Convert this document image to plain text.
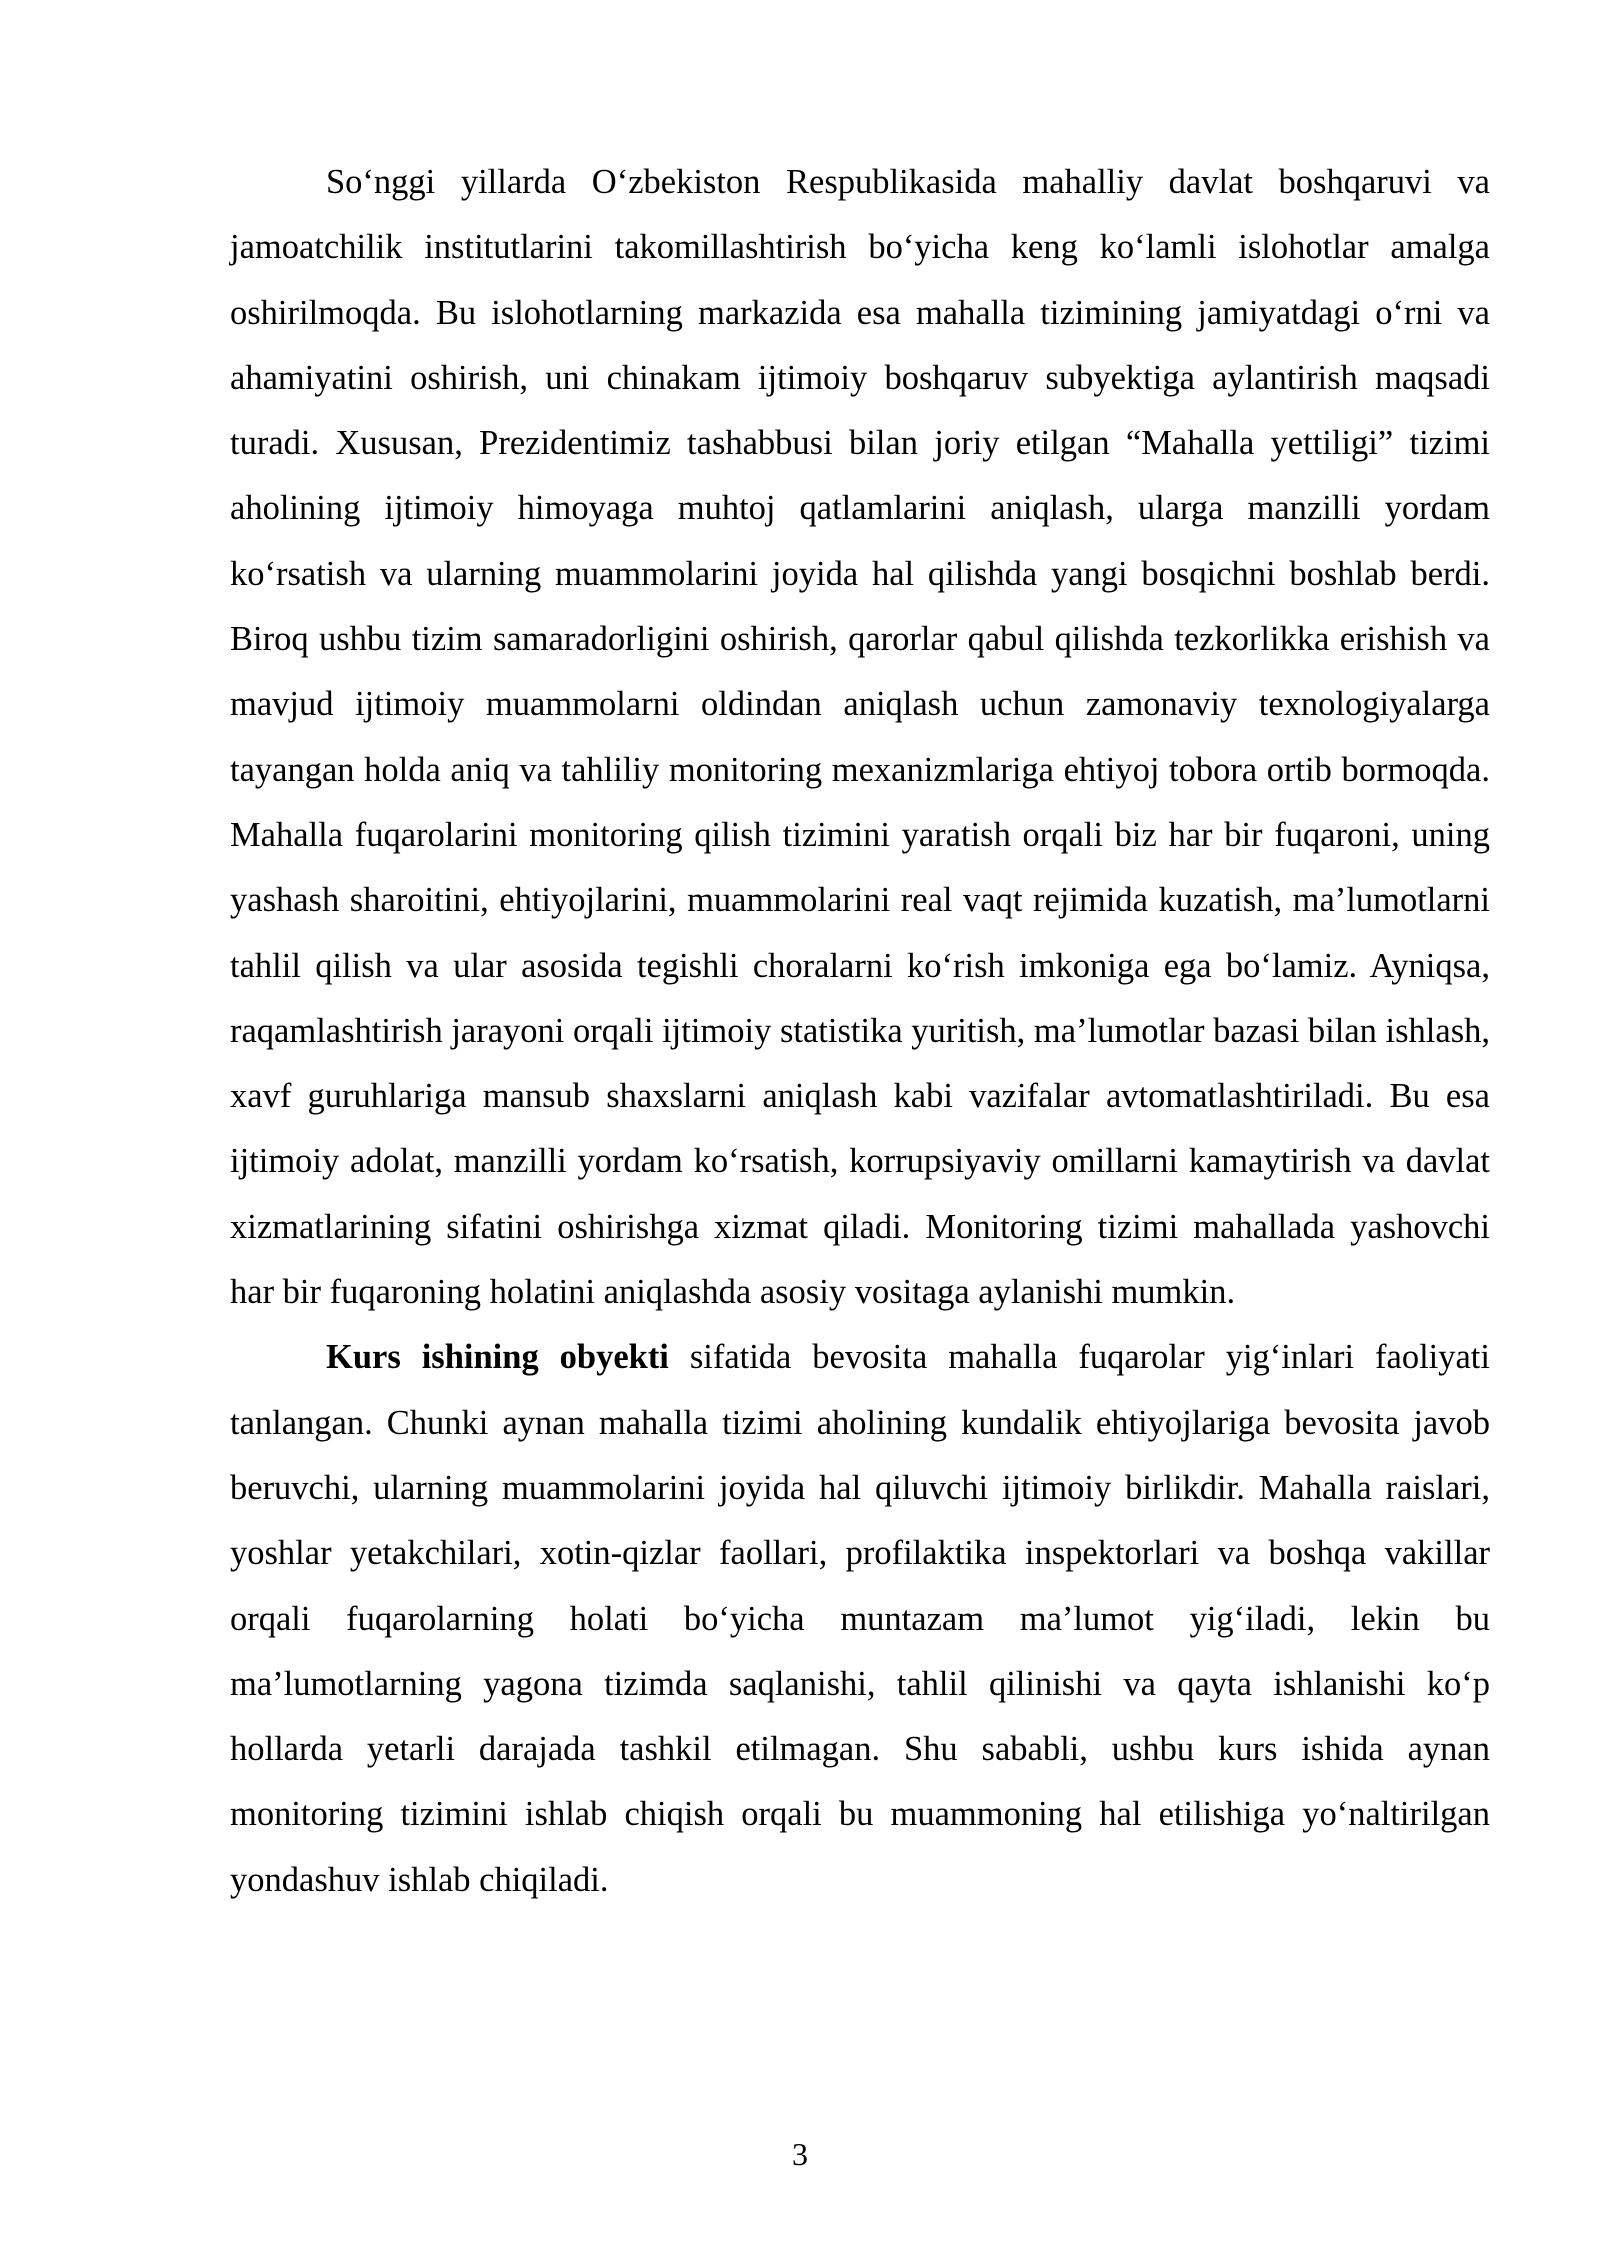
So‘nggi yillarda O‘zbekiston Respublikasida mahalliy davlat boshqaruvi va jamoatchilik institutlarini takomillashtirish bo‘yicha keng ko‘lamli islohotlar amalga oshirilmoqda. Bu islohotlarning markazida esa mahalla tizimining jamiyatdagi o‘rni va ahamiyatini oshirish, uni chinakam ijtimoiy boshqaruv subyektiga aylantirish maqsadi turadi. Xususan, Prezidentimiz tashabbusi bilan joriy etilgan “Mahalla yettiligi” tizimi aholining ijtimoiy himoyaga muhtoj qatlamlarini aniqlash, ularga manzilli yordam ko‘rsatish va ularning muammolarini joyida hal qilishda yangi bosqichni boshlab berdi. Biroq ushbu tizim samaradorligini oshirish, qarorlar qabul qilishda tezkorlikka erishish va mavjud ijtimoiy muammolarni oldindan aniqlash uchun zamonaviy texnologiyalarga tayangan holda aniq va tahliliy monitoring mexanizmlariga ehtiyoj tobora ortib bormoqda. Mahalla fuqarolarini monitoring qilish tizimini yaratish orqali biz har bir fuqaroni, uning yashash sharoitini, ehtiyojlarini, muammolarini real vaqt rejimida kuzatish, ma’lumotlarni tahlil qilish va ular asosida tegishli choralarni ko‘rish imkoniga ega bo‘lamiz. Ayniqsa, raqamlashtirish jarayoni orqali ijtimoiy statistika yuritish, ma’lumotlar bazasi bilan ishlash, xavf guruhlariga mansub shaxslarni aniqlash kabi vazifalar avtomatlashtiriladi. Bu esa ijtimoiy adolat, manzilli yordam ko‘rsatish, korrupsiyaviy omillarni kamaytirish va davlat xizmatlarining sifatini oshirishga xizmat qiladi. Monitoring tizimi mahallada yashovchi har bir fuqaroning holatini aniqlashda asosiy vositaga aylanishi mumkin.

Kurs ishining obyekti sifatida bevosita mahalla fuqarolar yig‘inlari faoliyati tanlangan. Chunki aynan mahalla tizimi aholining kundalik ehtiyojlariga bevosita javob beruvchi, ularning muammolarini joyida hal qiluvchi ijtimoiy birlikdir. Mahalla raislari, yoshlar yetakchilari, xotin-qizlar faollari, profilaktika inspektorlari va boshqa vakillar orqali fuqarolarning holati bo‘yicha muntazam ma’lumot yig‘iladi, lekin bu ma’lumotlarning yagona tizimda saqlanishi, tahlil qilinishi va qayta ishlanishi ko‘p hollarda yetarli darajada tashkil etilmagan. Shu sababli, ushbu kurs ishida aynan monitoring tizimini ishlab chiqish orqali bu muammoning hal etilishiga yo‘naltirilgan yondashuv ishlab chiqiladi.

3
